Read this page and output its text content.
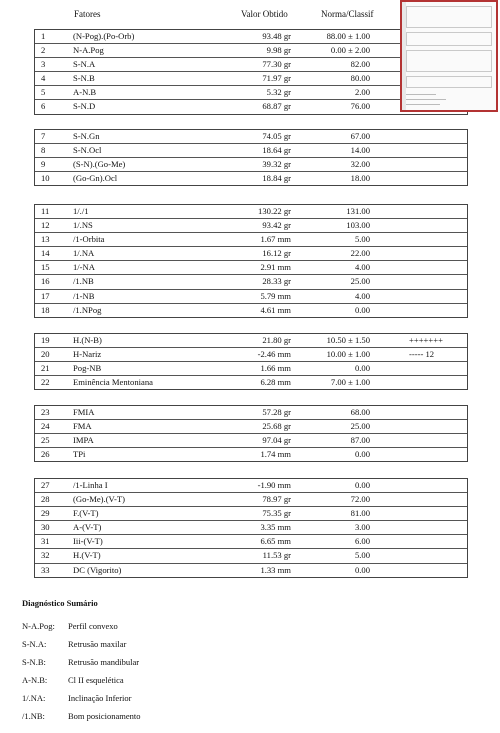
Fatores	Valor Obtido	Norma/Classif
1	(N-Pog).(Po-Orb)	93.48 gr	88.00 ± 1.00
2	N-A.Pog	9.98 gr	0.00 ± 2.00
3	S-N.A	77.30 gr	82.00
4	S-N.B	71.97 gr	80.00
5	A-N.B	5.32 gr	2.00
6	S-N.D	68.87 gr	76.00
7	S-N.Gn	74.05 gr	67.00
8	S-N.Ocl	18.64 gr	14.00
9	(S-N).(Go-Me)	39.32 gr	32.00
10	(Go-Gn).Ocl	18.84 gr	18.00
11	1/./1	130.22 gr	131.00
12	1/.NS	93.42 gr	103.00
13	/1-Orbita	1.67 mm	5.00
14	1/.NA	16.12 gr	22.00
15	1/-NA	2.91 mm	4.00
16	/1.NB	28.33 gr	25.00
17	/1-NB	5.79 mm	4.00
18	/1.NPog	4.61 mm	0.00
19	H.(N-B)	21.80 gr	10.50 ± 1.50	+++++++
20	H-Nariz	-2.46 mm	10.00 ± 1.00	----- 12
21	Pog-NB	1.66 mm	0.00
22	Eminência Mentoniana	6.28 mm	7.00 ± 1.00
23	FMIA	57.28 gr	68.00
24	FMA	25.68 gr	25.00
25	IMPA	97.04 gr	87.00
26	TPi	1.74 mm	0.00
27	/1-Linha I	-1.90 mm	0.00
28	(Go-Me).(V-T)	78.97 gr	72.00
29	F.(V-T)	75.35 gr	81.00
30	A-(V-T)	3.35 mm	3.00
31	Iii-(V-T)	6.65 mm	6.00
32	H.(V-T)	11.53 gr	5.00
33	DC (Vigorito)	1.33 mm	0.00
Diagnóstico Sumário
N-A.Pog: Perfil convexo
S-N.A:	Retrusão maxilar
S-N.B:	Retrusão mandibular
A-N.B: Cl II esquelética
1/.NA:	Inclinação Inferior
/1.NB:	Bom posicionamento
